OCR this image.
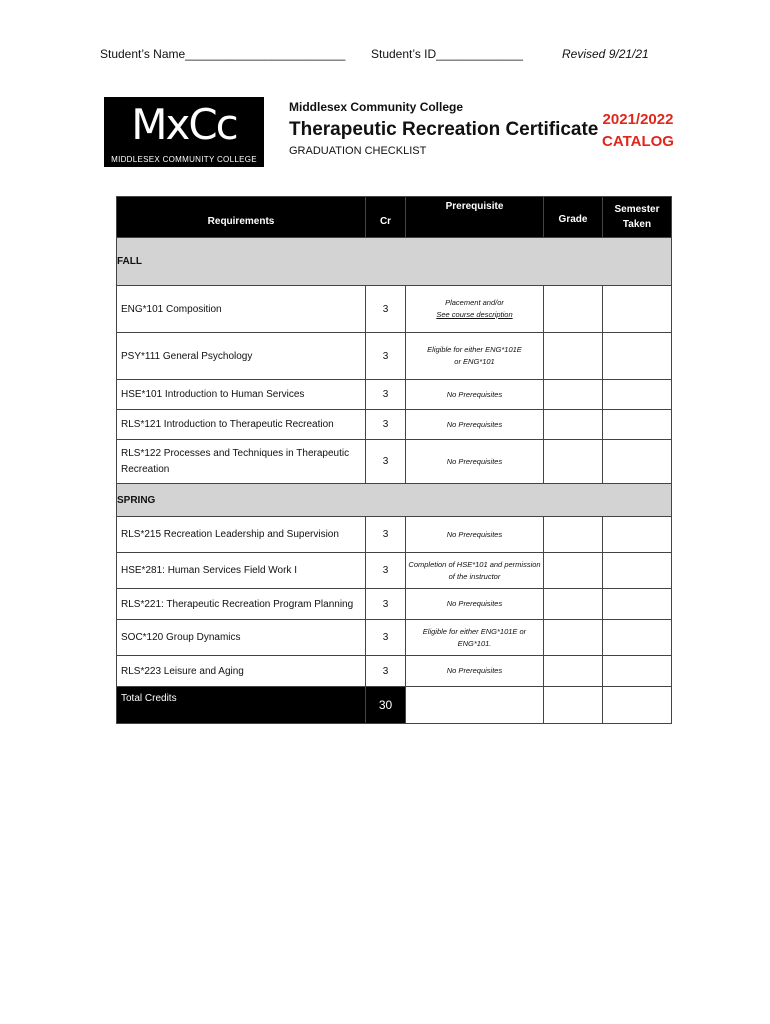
Student’s Name________________________ Student’s ID_____________	Revised 9/21/21
MxCc
MIDDLESEX COMMUNITY COLLEGE
Middlesex Community College
Therapeutic Recreation Certificate
GRADUATION CHECKLIST
2021/2022
CATALOG
Requirements	Cr	Prerequisite	Grade	Semester
Taken

FALL				
ENG*101 Composition	3	Placement and/or
See course description		

PSY*111 General Psychology	3	Eligible for either ENG*101E
or ENG*101		

HSE*101 Introduction to Human Services	3	No Prerequisites		
RLS*121 Introduction to Therapeutic Recreation	3	No Prerequisites		
RLS*122 Processes and Techniques in Therapeutic Recreation	3	No Prerequisites		
SPRING				
RLS*215 Recreation Leadership and Supervision	3	No Prerequisites		
HSE*281: Human Services Field Work I	3	Completion of HSE*101 and permission
of the instructor		

RLS*221: Therapeutic Recreation Program Planning	3	No Prerequisites		
SOC*120 Group Dynamics	3	Eligible for either ENG*101E or
ENG*101.		

RLS*223 Leisure and Aging	3	No Prerequisites		
Total Credits	30			
